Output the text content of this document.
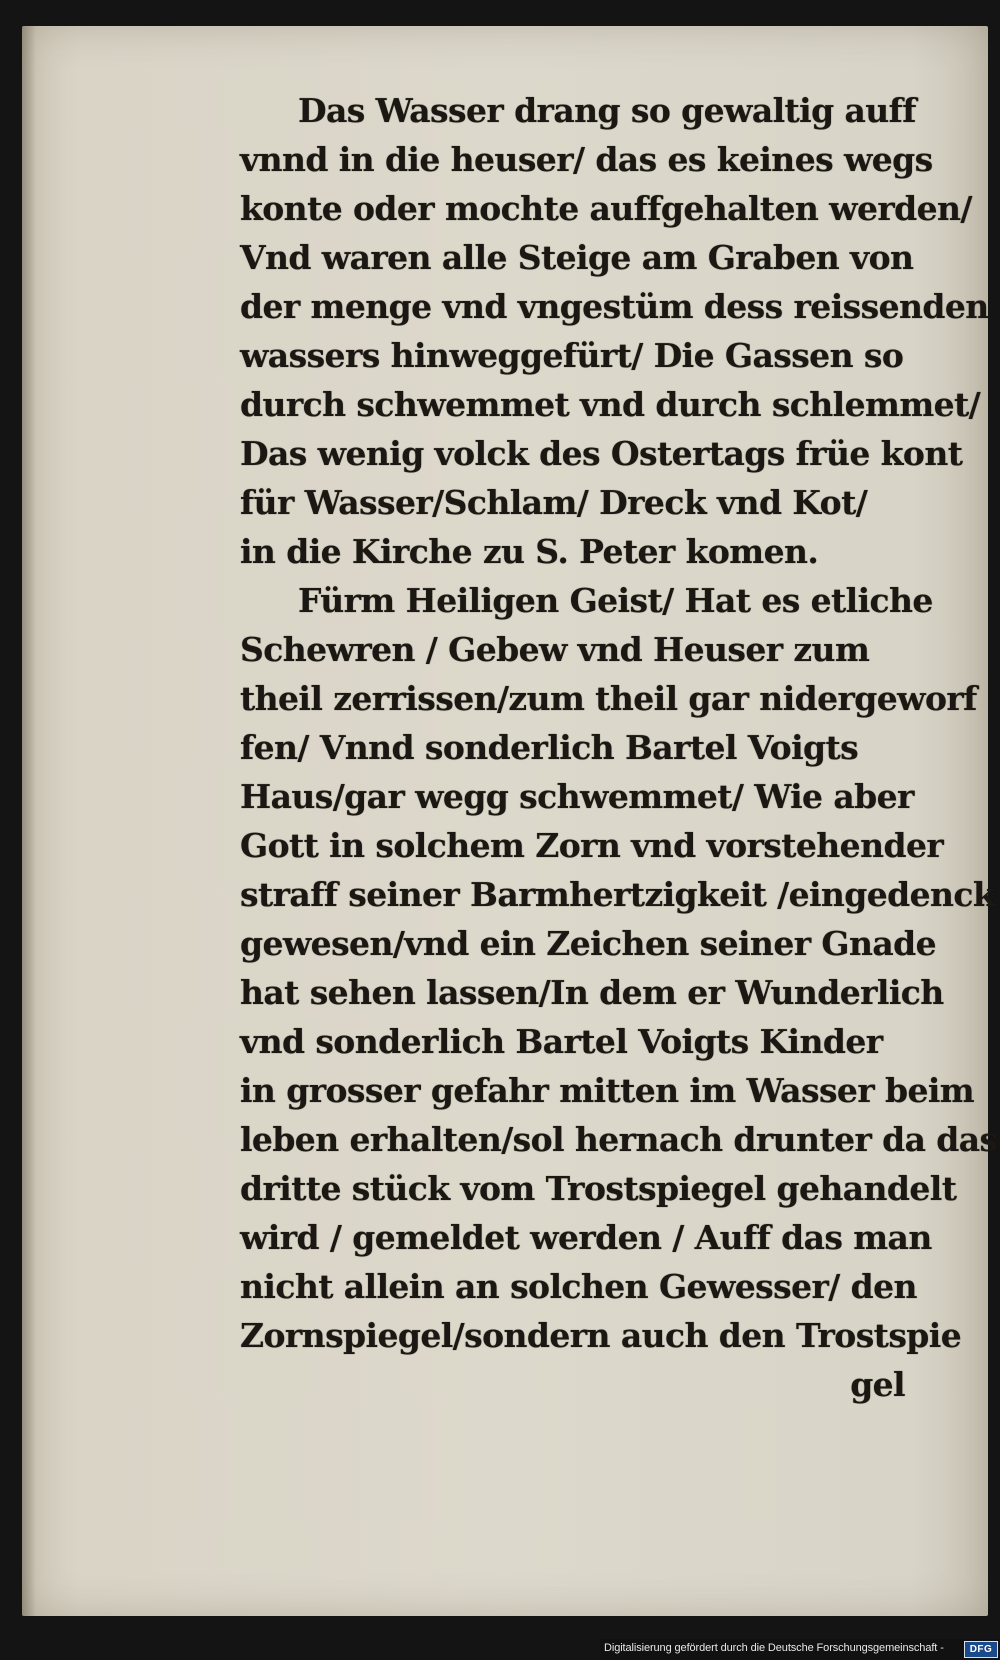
Das Wasser drang so gewaltig auff
vnnd in die heuser/ das es keines wegs
konte oder mochte auffgehalten werden/
Vnd waren alle Steige am Graben von
der menge vnd vngestüm dess reissenden
wassers hinweggefürt/ Die Gassen so
durch schwemmet vnd durch schlemmet/
Das wenig volck des Ostertags früe kont
für Wasser/Schlam/ Dreck vnd Kot/
in die Kirche zu S. Peter komen.
Fürm Heiligen Geist/ Hat es etliche
Schewren / Gebew vnd Heuser zum
theil zerrissen/zum theil gar nidergeworf
fen/ Vnnd sonderlich Bartel Voigts
Haus/gar wegg schwemmet/ Wie aber
Gott in solchem Zorn vnd vorstehender
straff seiner Barmhertzigkeit /eingedenck
gewesen/vnd ein Zeichen seiner Gnade
hat sehen lassen/In dem er Wunderlich
vnd sonderlich Bartel Voigts Kinder
in grosser gefahr mitten im Wasser beim
leben erhalten/sol hernach drunter da das
dritte stück vom Trostspiegel gehandelt
wird / gemeldet werden / Auff das man
nicht allein an solchen Gewesser/ den
Zornspiegel/sondern auch den Trostspie
gel
Digitalisierung gefördert durch die Deutsche Forschungsgemeinschaft -	DFG
